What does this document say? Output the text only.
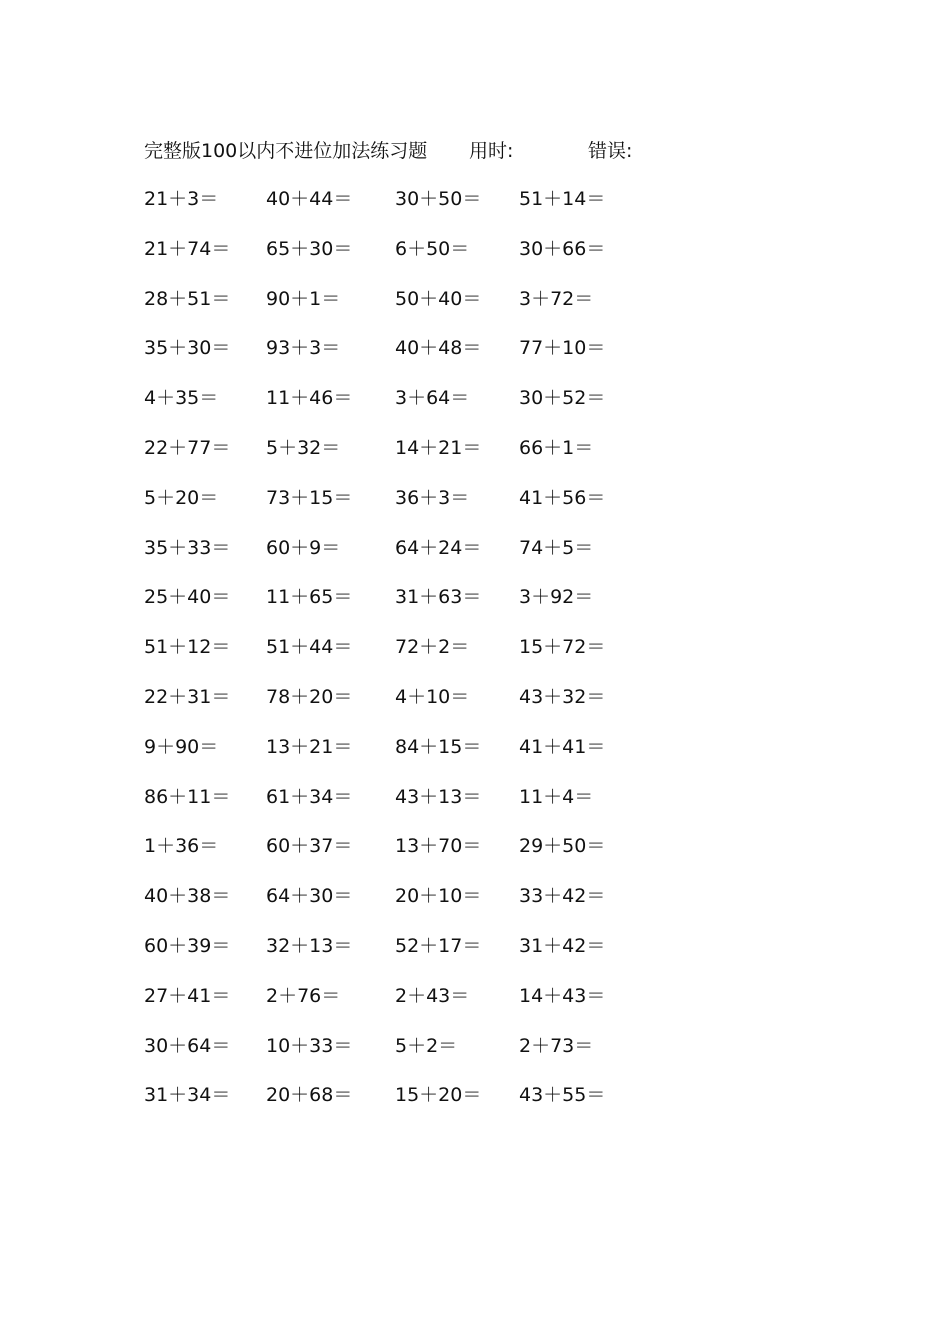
完整版100以内不进位加法练习题 用时:	错误:
21＋3＝	40＋44＝ 30＋50＝ 51＋14＝
21＋74＝ 65＋30＝ 6＋50＝	30＋66＝
28＋51＝ 90＋1＝	50＋40＝ 3＋72＝
35＋30＝ 93＋3＝	40＋48＝ 77＋10＝
4＋35＝	11＋46＝ 3＋64＝	30＋52＝
22＋77＝ 5＋32＝	14＋21＝ 66＋1＝
5＋20＝	73＋15＝ 36＋3＝	41＋56＝
35＋33＝ 60＋9＝	64＋24＝ 74＋5＝
25＋40＝ 11＋65＝ 31＋63＝ 3＋92＝
51＋12＝ 51＋44＝ 72＋2＝	15＋72＝
22＋31＝ 78＋20＝ 4＋10＝	43＋32＝
9＋90＝	13＋21＝ 84＋15＝ 41＋41＝
86＋11＝ 61＋34＝ 43＋13＝ 11＋4＝
1＋36＝	60＋37＝ 13＋70＝ 29＋50＝
40＋38＝ 64＋30＝ 20＋10＝ 33＋42＝
60＋39＝ 32＋13＝ 52＋17＝ 31＋42＝
27＋41＝ 2＋76＝	2＋43＝	14＋43＝
30＋64＝ 10＋33＝ 5＋2＝	2＋73＝
31＋34＝ 20＋68＝ 15＋20＝ 43＋55＝
